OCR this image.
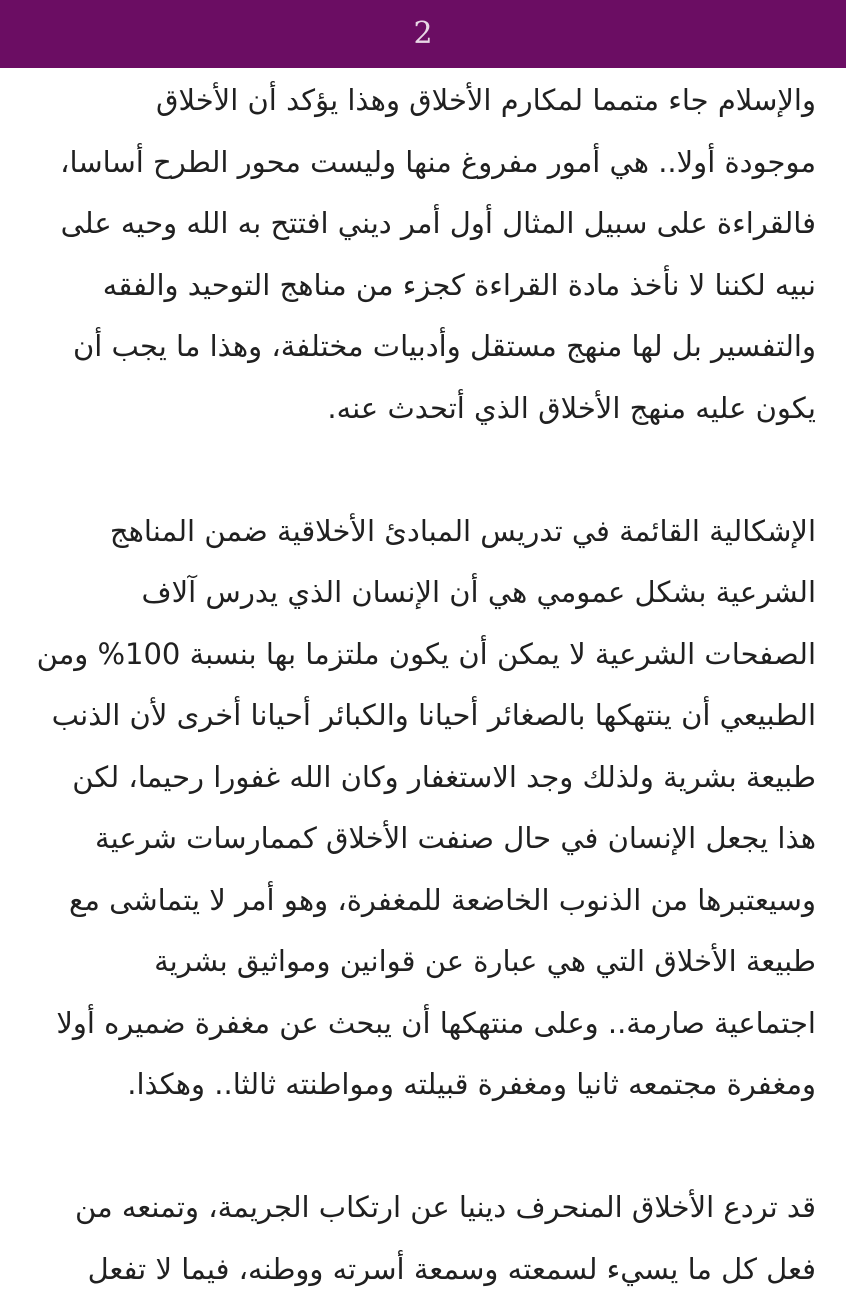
2
والإسلام جاء متمما لمكارم الأخلاق وهذا يؤكد أن الأخلاق
موجودة أولا.. هي أمور مفروغ منها وليست محور الطرح أساسا،
فالقراءة على سبيل المثال أول أمر ديني افتتح به الله وحيه على
نبيه لكننا لا نأخذ مادة القراءة كجزء من مناهج التوحيد والفقه
والتفسير بل لها منهج مستقل وأدبيات مختلفة، وهذا ما يجب أن
يكون عليه منهج الأخلاق الذي أتحدث عنه.
الإشكالية القائمة في تدريس المبادئ الأخلاقية ضمن المناهج
الشرعية بشكل عمومي هي أن الإنسان الذي يدرس آلاف
الصفحات الشرعية لا يمكن أن يكون ملتزما بها بنسبة 100% ومن
الطبيعي أن ينتهكها بالصغائر أحيانا والكبائر أحيانا أخرى لأن الذنب
طبيعة بشرية ولذلك وجد الاستغفار وكان الله غفورا رحيما، لكن
هذا يجعل الإنسان في حال صنفت الأخلاق كممارسات شرعية
وسيعتبرها من الذنوب الخاضعة للمغفرة، وهو أمر لا يتماشى مع
طبيعة الأخلاق التي هي عبارة عن قوانين ومواثيق بشرية
اجتماعية صارمة.. وعلى منتهكها أن يبحث عن مغفرة ضميره أولا
ومغفرة مجتمعه ثانيا ومغفرة قبيلته ومواطنته ثالثا.. وهكذا.
قد تردع الأخلاق المنحرف دينيا عن ارتكاب الجريمة، وتمنعه من
فعل كل ما يسيء لسمعته وسمعة أسرته ووطنه، فيما لا تفعل
